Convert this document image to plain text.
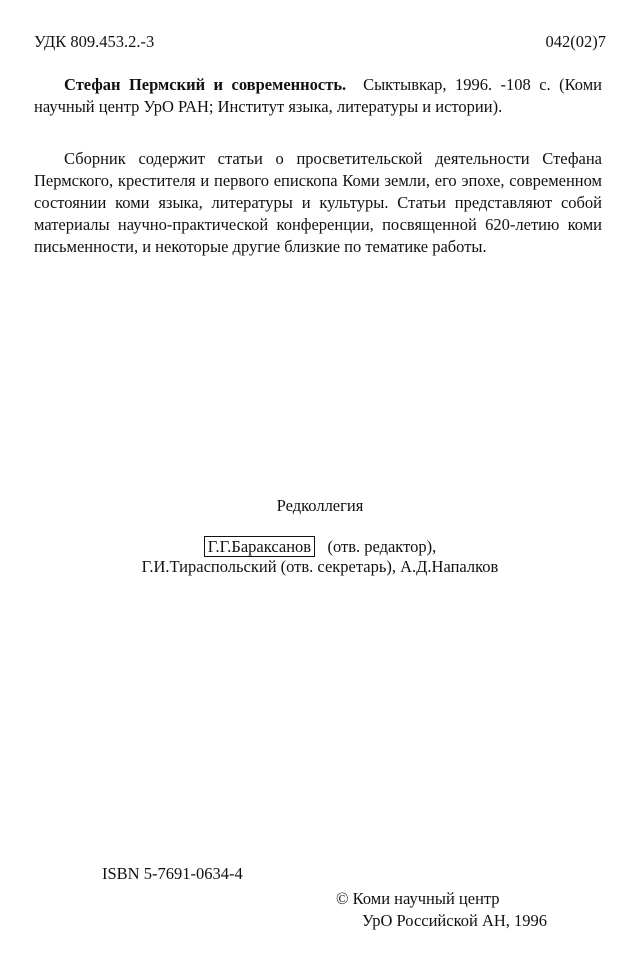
УДК 809.453.2.-3	042(02)7
Стефан Пермский и современность. Сыктывкар, 1996. -108 с. (Коми научный центр УрО РАН; Институт языка, литературы и истории).
Сборник содержит статьи о просветительской деятельности Стефана Пермского, крестителя и первого епископа Коми земли, его эпохе, современном состоянии коми языка, литературы и культуры. Статьи представляют собой материалы научно-практической конференции, посвященной 620-летию коми письменности, и некоторые другие близкие по тематике работы.
Редколлегия
Г.Г.Бараксанов (отв. редактор),
Г.И.Тираспольский (отв. секретарь), А.Д.Напалков
ISBN 5-7691-0634-4
© Коми научный центр
УрО Российской АН, 1996
